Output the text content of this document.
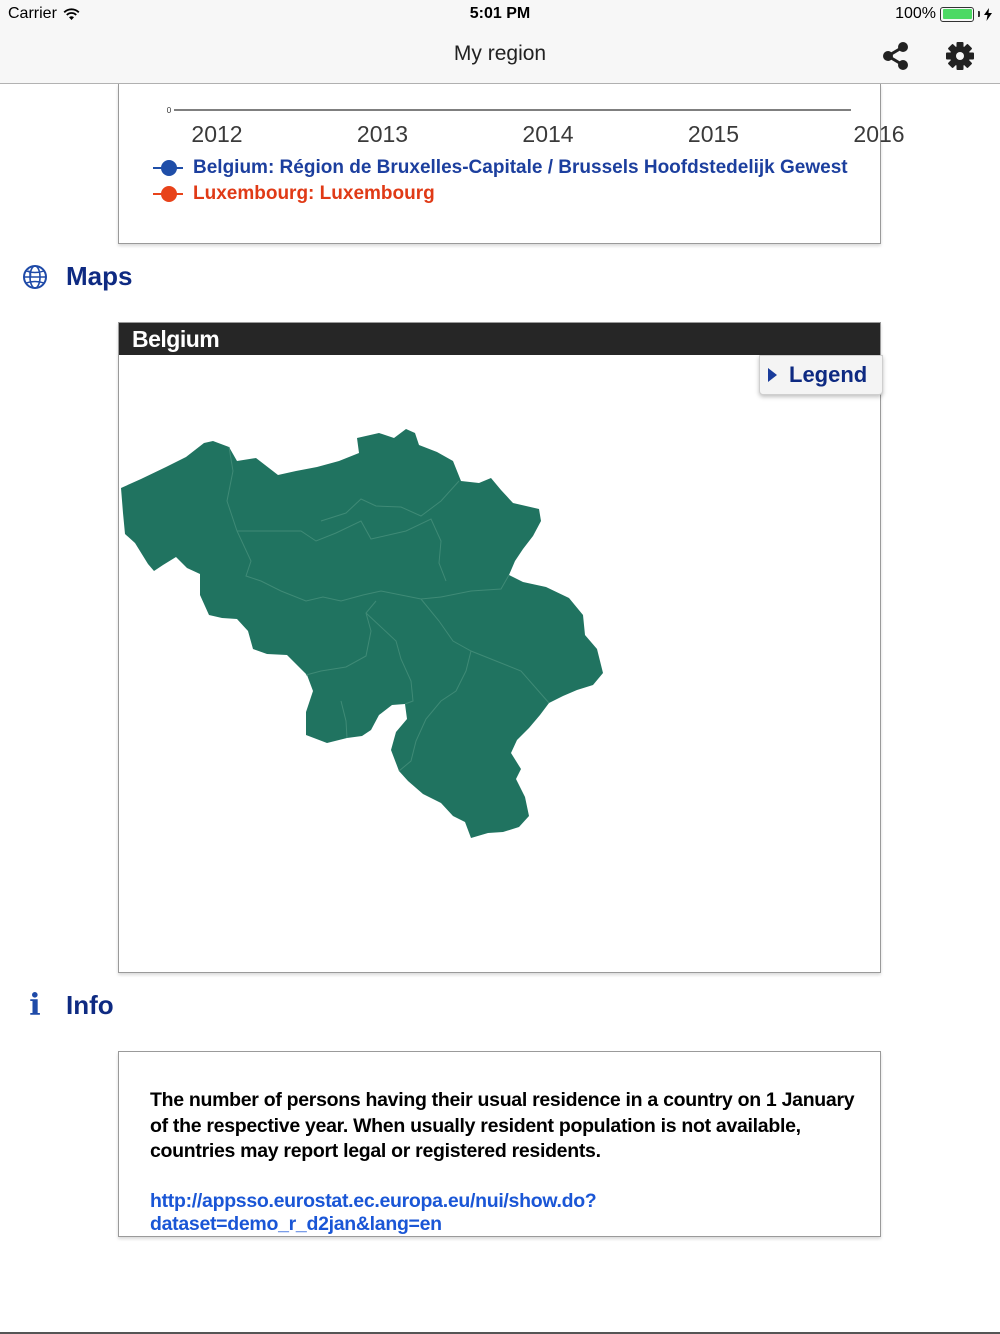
Carrier	5:01 PM	100%
My region
0
2012	2013	2014	2015	2016
Belgium: Région de Bruxelles-Capitale / Brussels Hoofdstedelijk Gewest
Luxembourg: Luxembourg
Maps
Belgium
Legend
i Info
The number of persons having their usual residence in a country on 1 January of the respective year. When usually resident population is not available, countries may report legal or registered residents.
http://appsso.eurostat.ec.europa.eu/nui/show.do?dataset=demo_r_d2jan&lang=en
